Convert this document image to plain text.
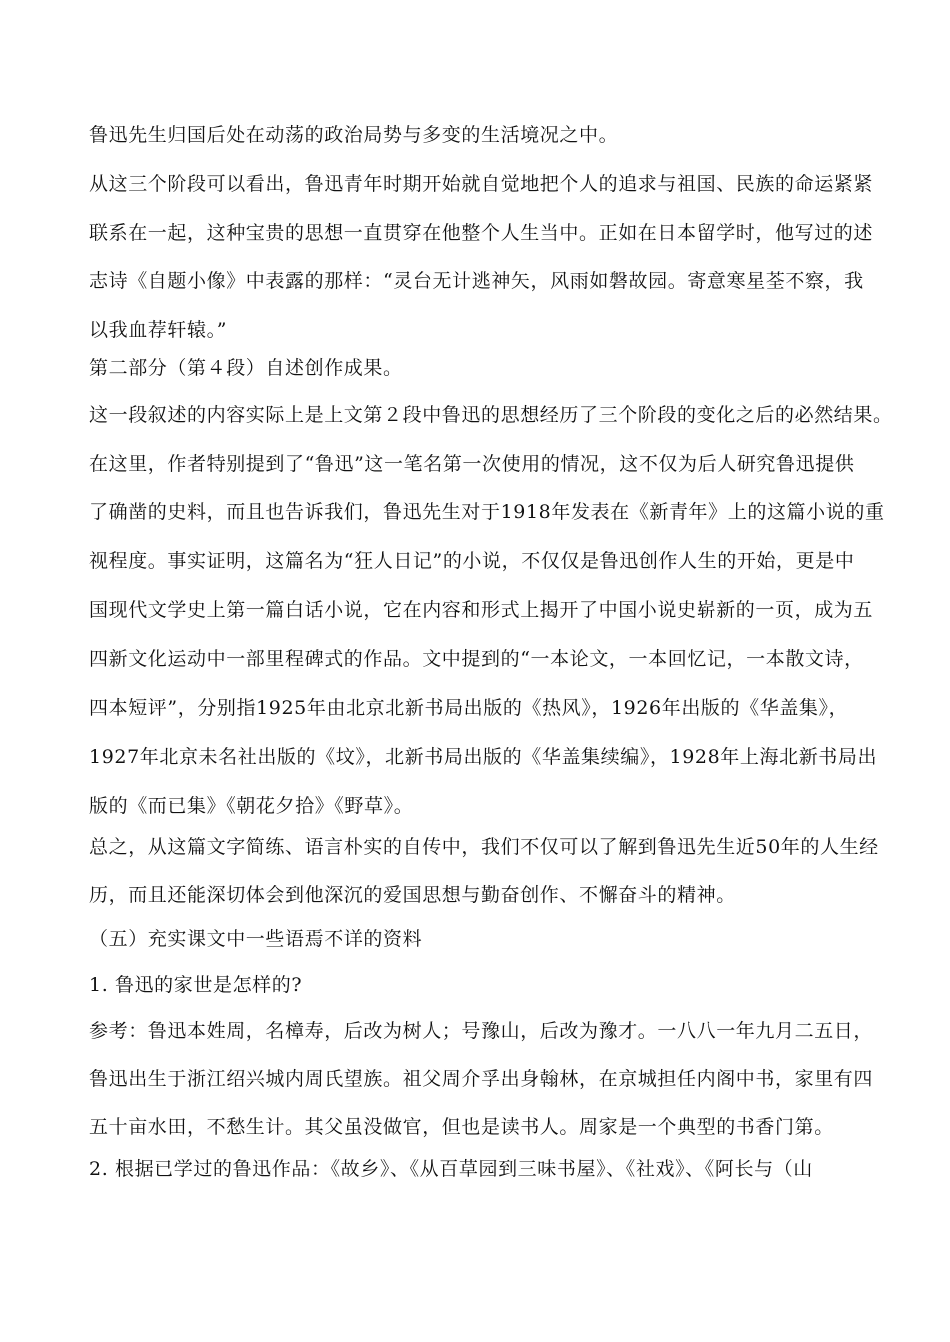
鲁迅先生归国后处在动荡的政治局势与多变的生活境况之中。
从这三个阶段可以看出，鲁迅青年时期开始就自觉地把个人的追求与祖国、民族的命运紧紧
联系在一起，这种宝贵的思想一直贯穿在他整个人生当中。正如在日本留学时，他写过的述
志诗《自题小像》中表露的那样：“灵台无计逃神矢，风雨如磐故园。寄意寒星荃不察，我
以我血荐轩辕。”
第二部分（第４段）自述创作成果。
这一段叙述的内容实际上是上文第２段中鲁迅的思想经历了三个阶段的变化之后的必然结果。
在这里，作者特别提到了“鲁迅”这一笔名第一次使用的情况，这不仅为后人研究鲁迅提供
了确凿的史料，而且也告诉我们，鲁迅先生对于1918年发表在《新青年》上的这篇小说的重
视程度。事实证明，这篇名为“狂人日记”的小说，不仅仅是鲁迅创作人生的开始，更是中
国现代文学史上第一篇白话小说，它在内容和形式上揭开了中国小说史崭新的一页，成为五
四新文化运动中一部里程碑式的作品。文中提到的“一本论文，一本回忆记，一本散文诗，
四本短评”，分别指1925年由北京北新书局出版的《热风》，1926年出版的《华盖集》，
1927年北京未名社出版的《坟》，北新书局出版的《华盖集续编》，1928年上海北新书局出
版的《而已集》《朝花夕拾》《野草》。
总之，从这篇文字简练、语言朴实的自传中，我们不仅可以了解到鲁迅先生近50年的人生经
历，而且还能深切体会到他深沉的爱国思想与勤奋创作、不懈奋斗的精神。
（五）充实课文中一些语焉不详的资料
1. 鲁迅的家世是怎样的?
参考：鲁迅本姓周，名樟寿，后改为树人；号豫山，后改为豫才。一八八一年九月二五日，
鲁迅出生于浙江绍兴城内周氏望族。祖父周介孚出身翰林，在京城担任内阁中书，家里有四
五十亩水田，不愁生计。其父虽没做官，但也是读书人。周家是一个典型的书香门第。
2. 根据已学过的鲁迅作品：《故乡》、《从百草园到三味书屋》、《社戏》、《阿长与（山
